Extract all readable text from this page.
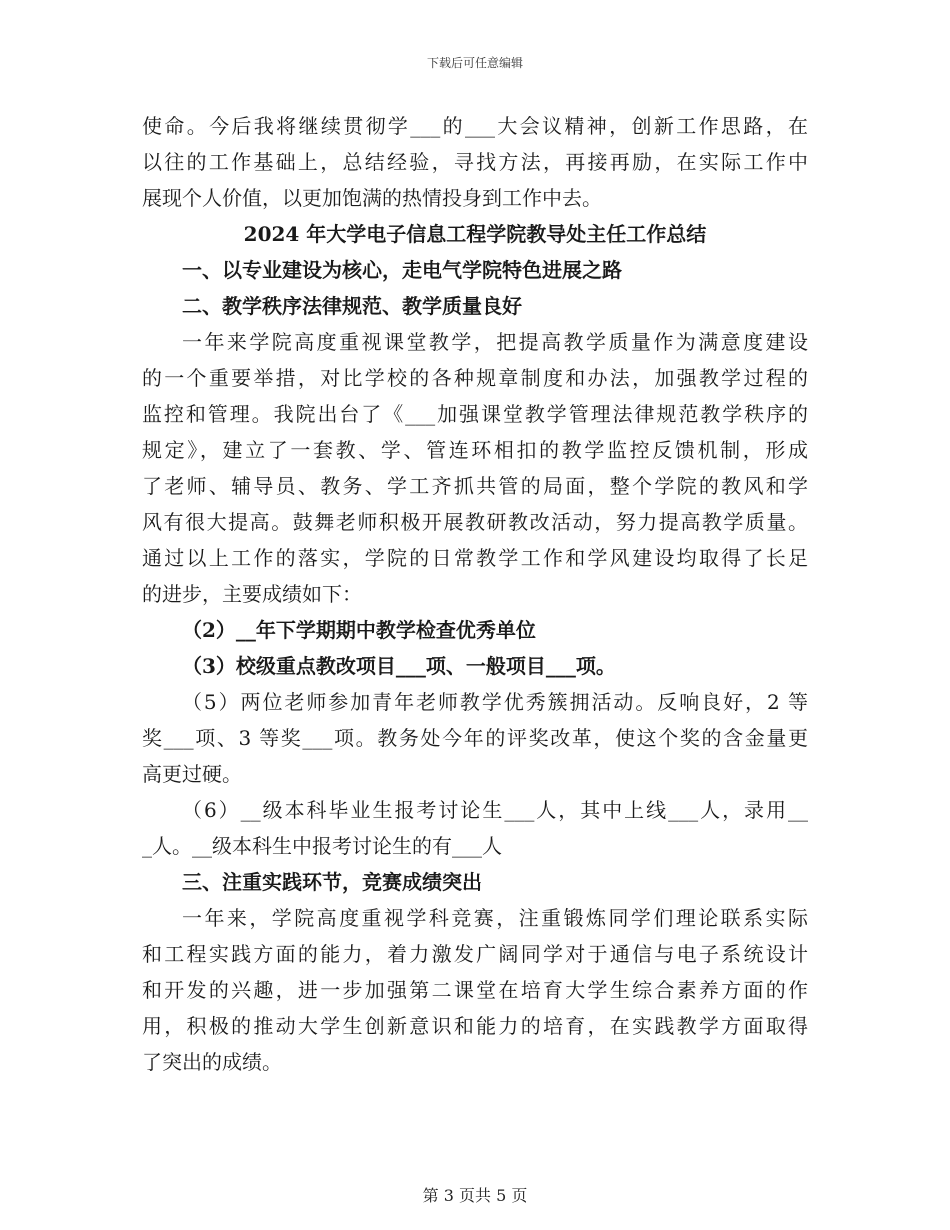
下载后可任意编辑
使命。今后我将继续贯彻学___的___大会议精神，创新工作思路，在
以往的工作基础上，总结经验，寻找方法，再接再励，在实际工作中
展现个人价值，以更加饱满的热情投身到工作中去。
2024 年大学电子信息工程学院教导处主任工作总结
一、以专业建设为核心，走电气学院特色进展之路
二、教学秩序法律规范、教学质量良好
一年来学院高度重视课堂教学，把提高教学质量作为满意度建设
的一个重要举措，对比学校的各种规章制度和办法，加强教学过程的
监控和管理。我院出台了《___加强课堂教学管理法律规范教学秩序的
规定》，建立了一套教、学、管连环相扣的教学监控反馈机制，形成
了老师、辅导员、教务、学工齐抓共管的局面，整个学院的教风和学
风有很大提高。鼓舞老师积极开展教研教改活动，努力提高教学质量。
通过以上工作的落实，学院的日常教学工作和学风建设均取得了长足
的进步，主要成绩如下：
（2）__年下学期期中教学检查优秀单位
（3）校级重点教改项目___项、一般项目___项。
（5）两位老师参加青年老师教学优秀簇拥活动。反响良好，2 等
奖___项、3 等奖___项。教务处今年的评奖改革，使这个奖的含金量更
高更过硬。
（6）__级本科毕业生报考讨论生___人，其中上线___人，录用__
_人。__级本科生中报考讨论生的有___人
三、注重实践环节，竞赛成绩突出
一年来，学院高度重视学科竞赛，注重锻炼同学们理论联系实际
和工程实践方面的能力，着力激发广阔同学对于通信与电子系统设计
和开发的兴趣，进一步加强第二课堂在培育大学生综合素养方面的作
用，积极的推动大学生创新意识和能力的培育，在实践教学方面取得
了突出的成绩。
第 3 页共 5 页
